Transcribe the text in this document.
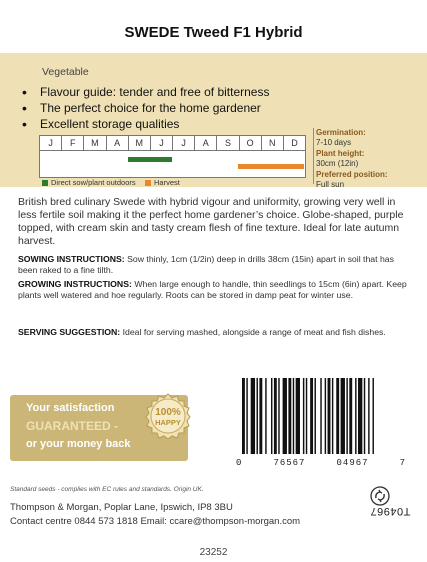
SWEDE Tweed F1 Hybrid
Vegetable
• Flavour guide: tender and free of bitterness
• The perfect choice for the home gardener
• Excellent storage qualities
J	F	M	A	M	J	J	A	S	O	N	D
Direct sow/plant outdoors Harvest
Germination:
7-10 days
Plant height:
30cm (12in)
Preferred position:
Full sun

British bred culinary Swede with hybrid vigour and uniformity, growing very well in less fertile soil making it the perfect home gardener’s choice. Globe-shaped, purple topped, with cream skin and tasty cream flesh of fine texture. Ideal for late autumn harvest.

SOWING INSTRUCTIONS: Sow thinly, 1cm (1/2in) deep in drills 38cm (15in) apart in soil that has been raked to a fine tilth.

GROWING INSTRUCTIONS: When large enough to handle, thin seedlings to 15cm (6in) apart. Keep plants well watered and hoe regularly. Roots can be stored in damp peat for winter use.

SERVING SUGGESTION: Ideal for serving mashed, alongside a range of meat and fish dishes.

Your satisfaction
GUARANTEED -
or your money back
100%
HAPPY
0	76567	04967	7
Standard seeds - complies with EC rules and standards. Origin UK.
Thompson & Morgan, Poplar Lane, Ipswich, IP8 3BU
Contact centre 0844 573 1818 Email: ccare@thompson-morgan.com
T04967
23252
